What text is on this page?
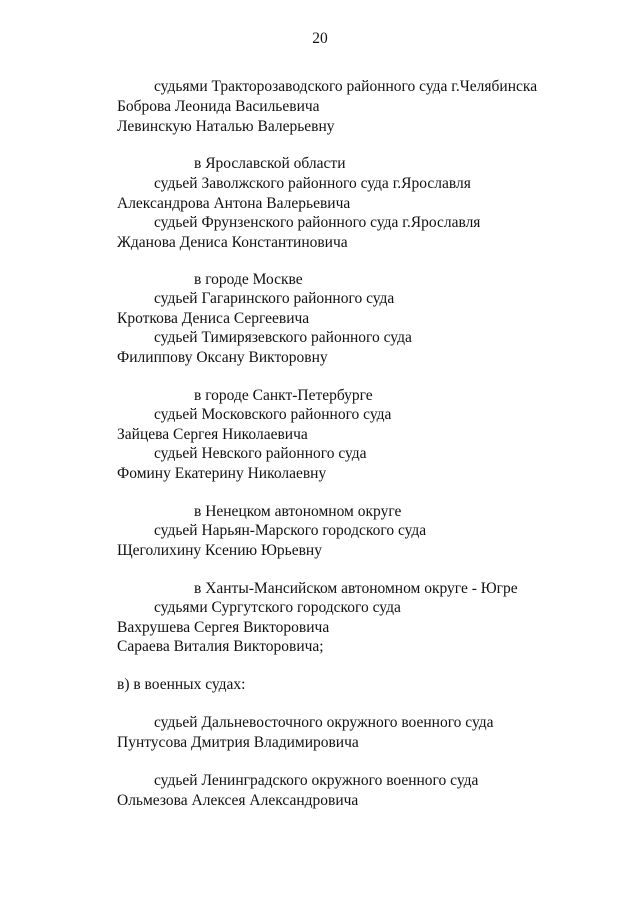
20
судьями Тракторозаводского районного суда г.Челябинска
Боброва Леонида Васильевича
Левинскую Наталью Валерьевну
в Ярославской области
судьей Заволжского районного суда г.Ярославля
Александрова Антона Валерьевича
судьей Фрунзенского районного суда г.Ярославля
Жданова Дениса Константиновича
в городе Москве
судьей Гагаринского районного суда
Кроткова Дениса Сергеевича
судьей Тимирязевского районного суда
Филиппову Оксану Викторовну
в городе Санкт-Петербурге
судьей Московского районного суда
Зайцева Сергея Николаевича
судьей Невского районного суда
Фомину Екатерину Николаевну
в Ненецком автономном округе
судьей Нарьян-Марского городского суда
Щеголихину Ксению Юрьевну
в Ханты-Мансийском автономном округе - Югре
судьями Сургутского городского суда
Вахрушева Сергея Викторовича
Сараева Виталия Викторовича;
в) в военных судах:
судьей Дальневосточного окружного военного суда
Пунтусова Дмитрия Владимировича
судьей Ленинградского окружного военного суда
Ольмезова Алексея Александровича
